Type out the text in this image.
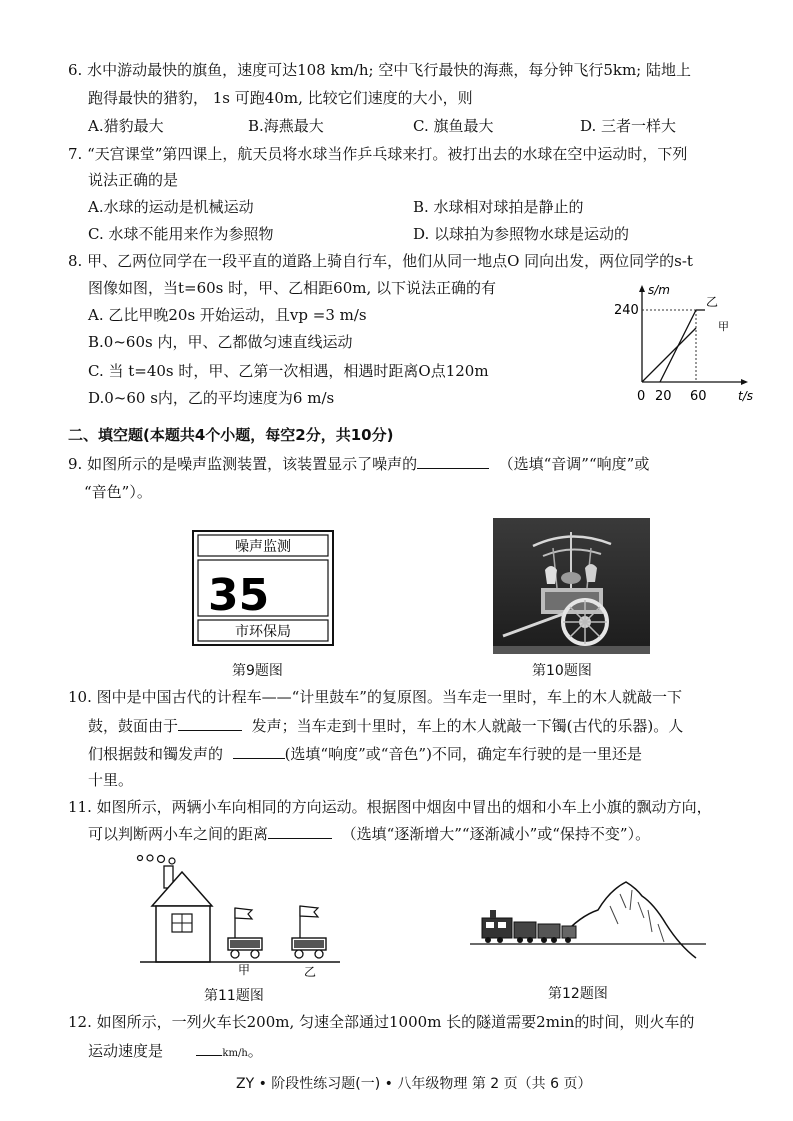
6. 水中游动最快的旗鱼，速度可达108 km/h; 空中飞行最快的海燕，每分钟飞行5km; 陆地上
跑得最快的猎豹， 1s 可跑40m, 比较它们速度的大小，则
A.猎豹最大	B.海燕最大	C. 旗鱼最大	D. 三者一样大
7. “天宫课堂”第四课上，航天员将水球当作乒乓球来打。被打出去的水球在空中运动时，下列
说法正确的是
A.水球的运动是机械运动	B. 水球相对球拍是静止的
C. 水球不能用来作为参照物	D. 以球拍为参照物水球是运动的
8. 甲、乙两位同学在一段平直的道路上骑自行车，他们从同一地点O 同向出发，两位同学的s-t
图像如图，当t=60s 时，甲、乙相距60m, 以下说法正确的有
A. 乙比甲晚20s 开始运动，且vp =3 m/s
B.0~60s 内，甲、乙都做匀速直线运动
C. 当 t=40s 时，甲、乙第一次相遇，相遇时距离O点120m
D.0~60 s内，乙的平均速度为6 m/s
s/m
t/s
240
0 20 60
乙
甲
二、填空题(本题共4个小题，每空2分，共10分)
9. 如图所示的是噪声监测装置，该装置显示了噪声的	（选填“音调”“响度”或
“音色”）。
噪声监测
35
市环保局
第9题图	第10题图
10. 图中是中国古代的计程车——“计里鼓车”的复原图。当车走一里时，车上的木人就敲一下
鼓，鼓面由于	发声；当车走到十里时，车上的木人就敲一下镯(古代的乐器)。人
们根据鼓和镯发声的	(选填“响度”或“音色”)不同，确定车行驶的是一里还是
十里。
11. 如图所示，两辆小车向相同的方向运动。根据图中烟囱中冒出的烟和小车上小旗的飘动方向，
可以判断两小车之间的距离	（选填“逐渐增大”“逐渐减小”或“保持不变”）。
甲	乙
第11题图	第12题图
12. 如图所示，一列火车长200m, 匀速全部通过1000m 长的隧道需要2min的时间，则火车的
运动速度是	km/h。
ZY • 阶段性练习题(一) • 八年级物理 第 2 页（共 6 页）
